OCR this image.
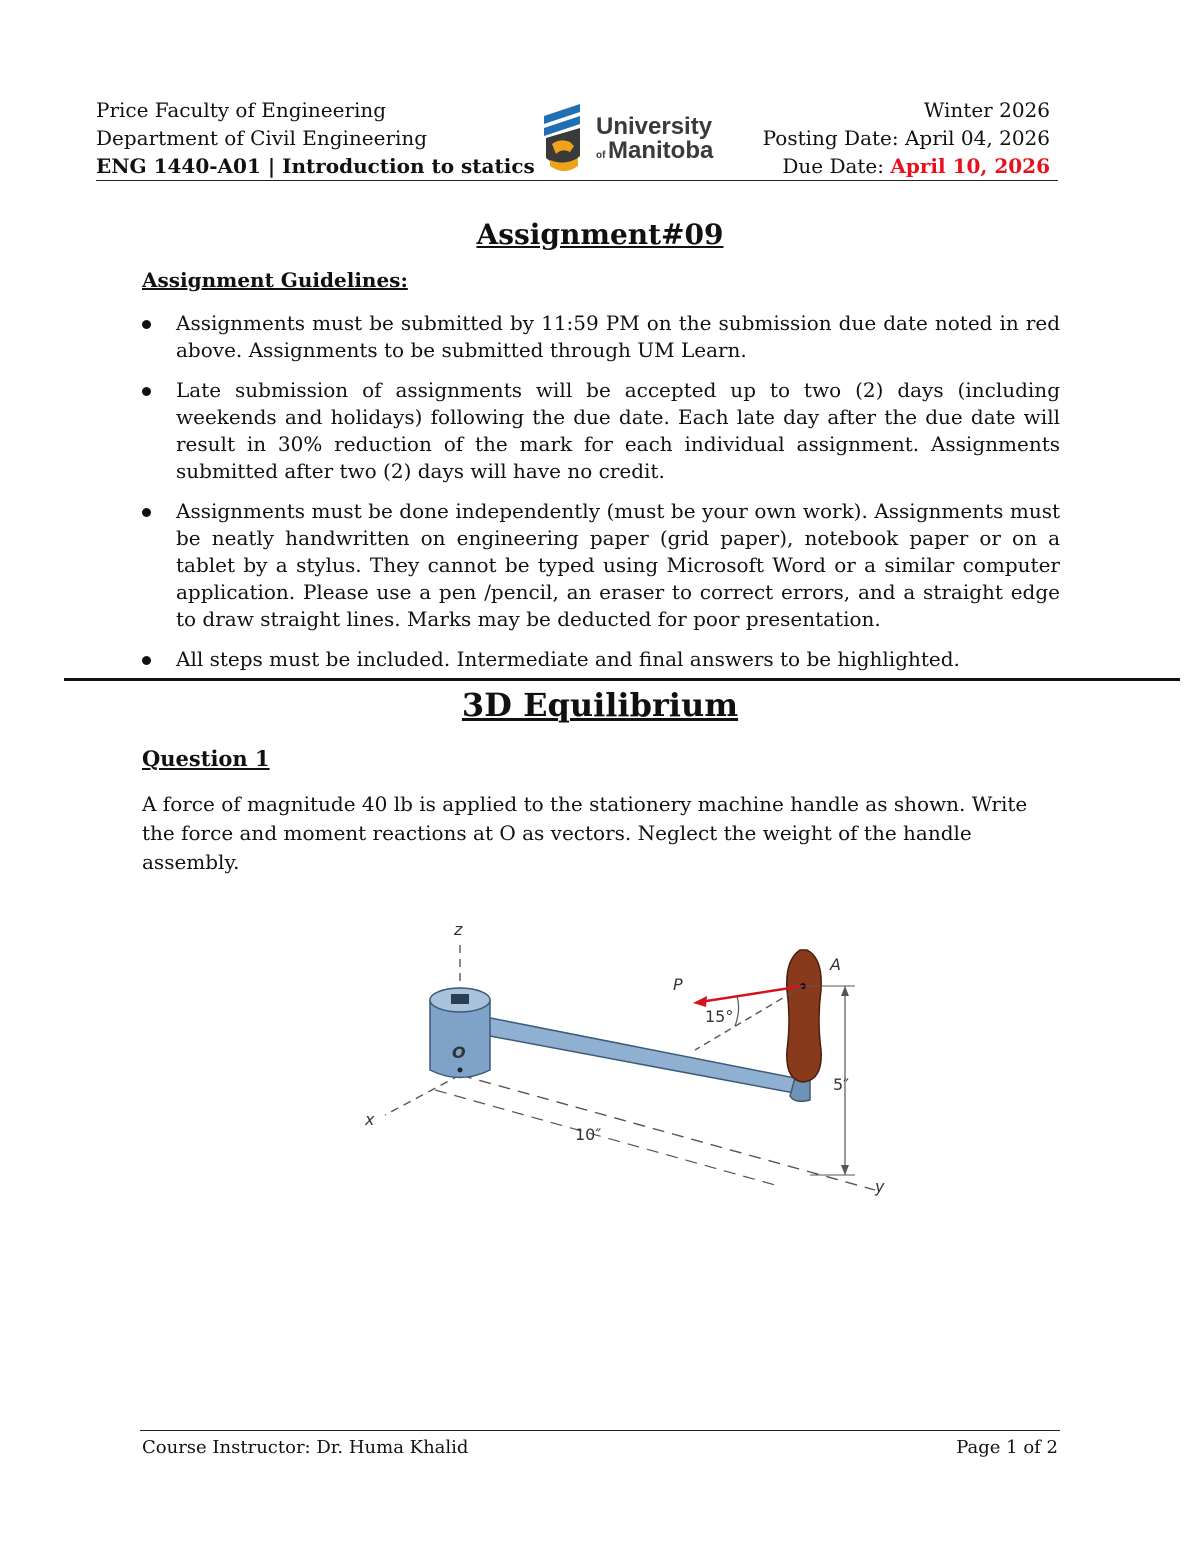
Price Faculty of Engineering
Department of Civil Engineering
ENG 1440-A01 | Introduction to statics
University
of Manitoba
Winter 2026
Posting Date: April 04, 2026
Due Date: April 10, 2026
Assignment#09
Assignment Guidelines:
Assignments must be submitted by 11:59 PM on the submission due date noted in red above. Assignments to be submitted through UM Learn.
Late submission of assignments will be accepted up to two (2) days (including weekends and holidays) following the due date. Each late day after the due date will result in 30% reduction of the mark for each individual assignment. Assignments submitted after two (2) days will have no credit.
Assignments must be done independently (must be your own work). Assignments must be neatly handwritten on engineering paper (grid paper), notebook paper or on a tablet by a stylus. They cannot be typed using Microsoft Word or a similar computer application. Please use a pen /pencil, an eraser to correct errors, and a straight edge to draw straight lines. Marks may be deducted for poor presentation.
All steps must be included. Intermediate and final answers to be highlighted.
3D Equilibrium
Question 1
A force of magnitude 40 lb is applied to the stationery machine handle as shown. Write the force and moment reactions at O as vectors. Neglect the weight of the handle assembly.
z
x
y
O
A
P
15°
5″
10″
Course Instructor: Dr. Huma Khalid	Page 1 of 2
